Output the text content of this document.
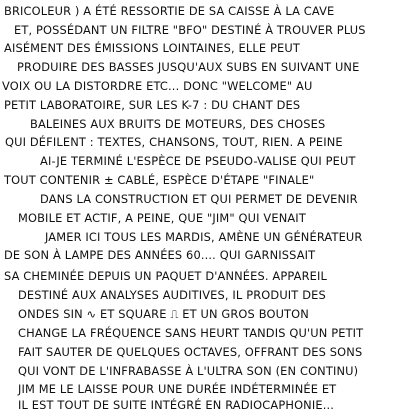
BRICOLEUR ) A ÉTÉ RESSORTIE DE SA CAISSE À LA CAVE
ET, POSSÉDANT UN FILTRE "BFO" DESTINÉ À TROUVER PLUS
AISÉMENT DES ÉMISSIONS LOINTAINES, ELLE PEUT
PRODUIRE DES BASSES JUSQU'AUX SUBS EN SUIVANT UNE
VOIX OU LA DISTORDRE ETC... DONC "WELCOME" AU
PETIT LABORATOIRE, SUR LES K-7 : DU CHANT DES
BALEINES AUX BRUITS DE MOTEURS, DES CHOSES
QUI DÉFILENT : TEXTES, CHANSONS, TOUT, RIEN. A PEINE
AI-JE TERMINÉ L'ESPÈCE DE PSEUDO-VALISE QUI PEUT
TOUT CONTENIR ± CABLÉ, ESPÈCE D'ÉTAPE "FINALE"
DANS LA CONSTRUCTION ET QUI PERMET DE DEVENIR
MOBILE ET ACTIF, A PEINE, QUE "JIM" QUI VENAIT
JAMER ICI TOUS LES MARDIS, AMÈNE UN GÉNÉRATEUR
DE SON À LAMPE DES ANNÉES 60.... QUI GARNISSAIT
SA CHEMINÉE DEPUIS UN PAQUET D'ANNÉES. APPAREIL
DESTINÉ AUX ANALYSES AUDITIVES, IL PRODUIT DES
ONDES SIN ∿ ET SQUARE ⎍ ET UN GROS BOUTON
CHANGE LA FRÉQUENCE SANS HEURT TANDIS QU'UN PETIT
FAIT SAUTER DE QUELQUES OCTAVES, OFFRANT DES SONS
QUI VONT DE L'INFRABASSE À L'ULTRA SON (EN CONTINU)
JIM ME LE LAISSE POUR UNE DURÉE INDÉTERMINÉE ET
IL EST TOUT DE SUITE INTÉGRÉ EN RADIOCAPHONIE...
